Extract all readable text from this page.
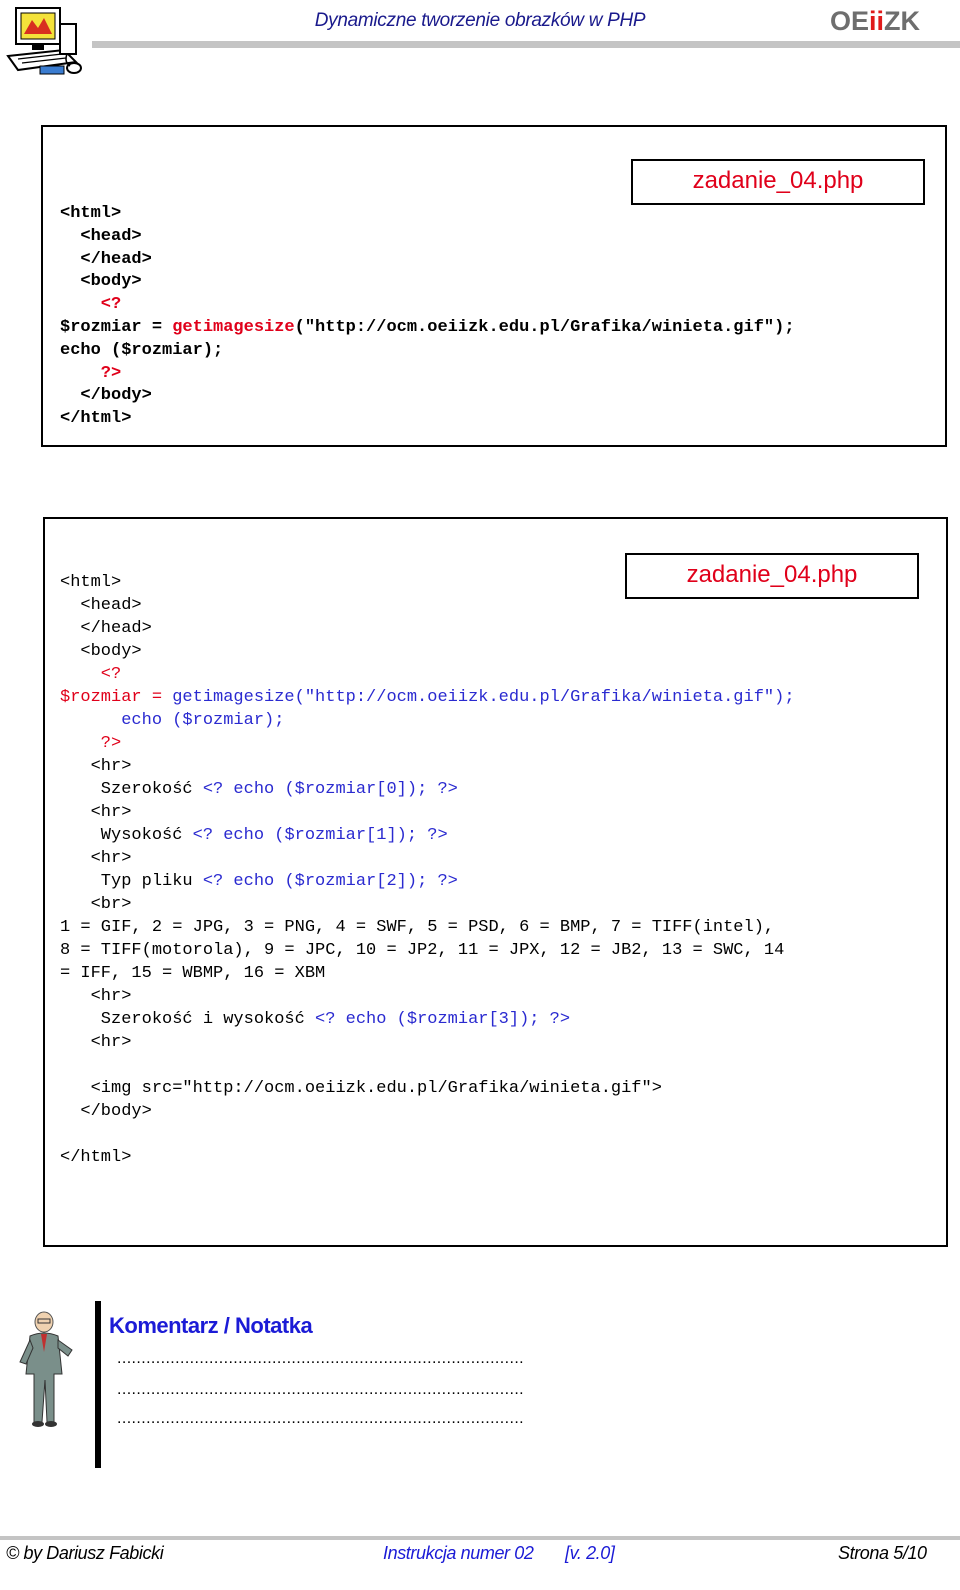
Dynamiczne tworzenie obrazków w PHP	OEiiZK
zadanie_04.php
<html>
<head>
</head>
<body>
<?
$rozmiar = getimagesize("http://ocm.oeiizk.edu.pl/Grafika/winieta.gif");
echo ($rozmiar);
?>
</body>
</html>
zadanie_04.php
<html>
<head>
</head>
<body>
<?
$rozmiar = getimagesize("http://ocm.oeiizk.edu.pl/Grafika/winieta.gif");
echo ($rozmiar);
?>
<hr>
Szerokość <? echo ($rozmiar[0]); ?>
<hr>
Wysokość <? echo ($rozmiar[1]); ?>
<hr>
Typ pliku <? echo ($rozmiar[2]); ?>
<br>
1 = GIF, 2 = JPG, 3 = PNG, 4 = SWF, 5 = PSD, 6 = BMP, 7 = TIFF(intel),
8 = TIFF(motorola), 9 = JPC, 10 = JP2, 11 = JPX, 12 = JB2, 13 = SWC, 14
= IFF, 15 = WBMP, 16 = XBM
<hr>
Szerokość i wysokość <? echo ($rozmiar[3]); ?>
<hr>

<img src="http://ocm.oeiizk.edu.pl/Grafika/winieta.gif">
</body>

</html>
Komentarz / Notatka
....................................................................................
....................................................................................
....................................................................................
© by Dariusz Fabicki	Instrukcja numer 02 [v. 2.0]	Strona 5/10
